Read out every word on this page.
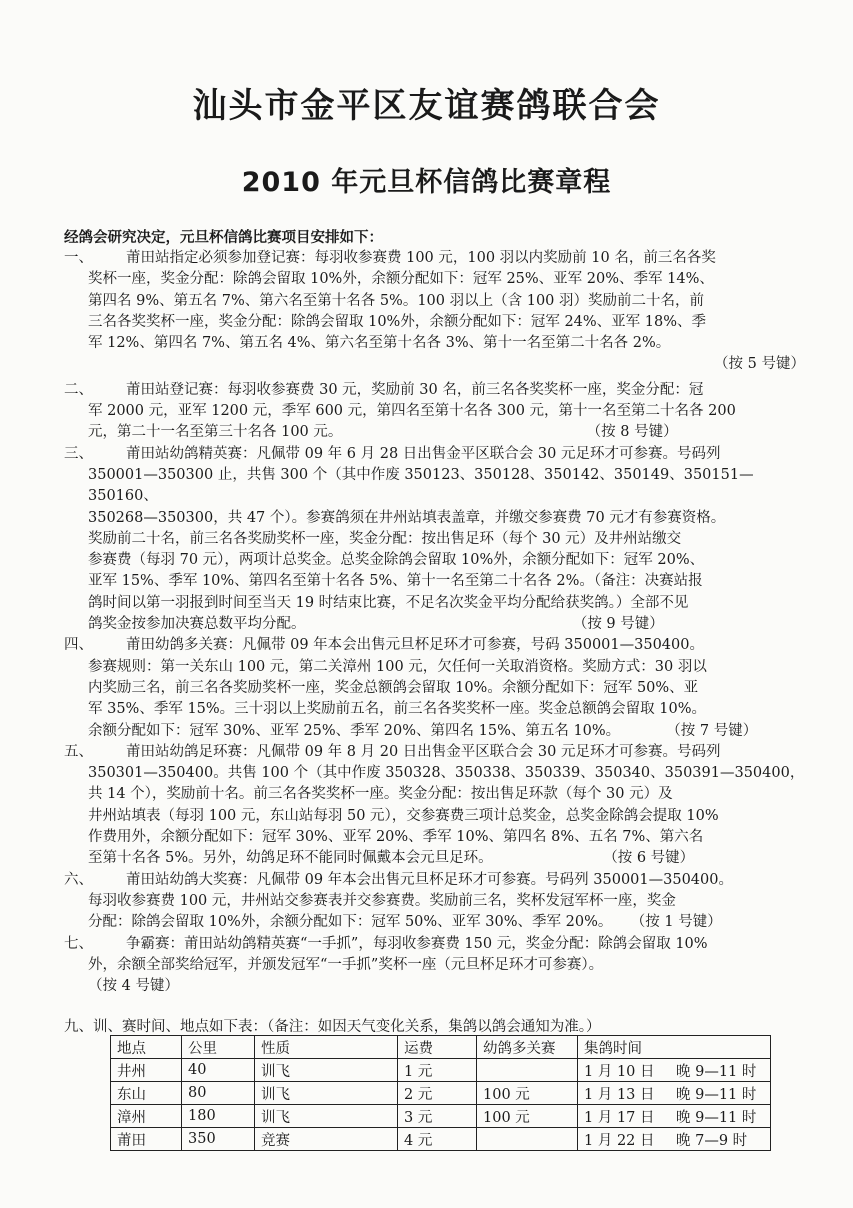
汕头市金平区友谊赛鸽联合会
2010 年元旦杯信鸽比赛章程
经鸽会研究决定，元旦杯信鸽比赛项目安排如下：
一、	莆田站指定必须参加登记赛：每羽收参赛费 100 元，100 羽以内奖励前 10 名，前三名各奖
奖杯一座，奖金分配：除鸽会留取 10%外，余额分配如下：冠军 25%、亚军 20%、季军 14%、
第四名 9%、第五名 7%、第六名至第十名各 5%。100 羽以上（含 100 羽）奖励前二十名，前
三名各奖奖杯一座，奖金分配：除鸽会留取 10%外，余额分配如下：冠军 24%、亚军 18%、季
军 12%、第四名 7%、第五名 4%、第六名至第十名各 3%、第十一名至第二十名各 2%。
（按 5 号键）
二、	莆田站登记赛：每羽收参赛费 30 元，奖励前 30 名，前三名各奖奖杯一座，奖金分配：冠
军 2000 元，亚军 1200 元，季军 600 元，第四名至第十名各 300 元，第十一名至第二十名各 200
元，第二十一名至第三十名各 100 元。                                                     （按 8 号键）
三、	莆田站幼鸽精英赛：凡佩带 09 年 6 月 28 日出售金平区联合会 30 元足环才可参赛。号码列
350001—350300 止，共售 300 个（其中作废 350123、350128、350142、350149、350151—350160、
350268—350300，共 47 个）。参赛鸽须在井州站填表盖章，并缴交参赛费 70 元才有参赛资格。
奖励前二十名，前三名各奖励奖杯一座，奖金分配：按出售足环（每个 30 元）及井州站缴交
参赛费（每羽 70 元），两项计总奖金。总奖金除鸽会留取 10%外，余额分配如下：冠军 20%、
亚军 15%、季军 10%、第四名至第十名各 5%、第十一名至第二十名各 2%。（备注：决赛站报
鸽时间以第一羽报到时间至当天 19 时结束比赛，不足名次奖金平均分配给获奖鸽。）全部不见
鸽奖金按参加决赛总数平均分配。                                                          （按 9 号键）
四、	莆田幼鸽多关赛：凡佩带 09 年本会出售元旦杯足环才可参赛，号码 350001—350400。
参赛规则：第一关东山 100 元，第二关漳州 100 元，欠任何一关取消资格。奖励方式：30 羽以
内奖励三名，前三名各奖励奖杯一座，奖金总额鸽会留取 10%。余额分配如下：冠军 50%、亚
军 35%、季军 15%。三十羽以上奖励前五名，前三名各奖奖杯一座。奖金总额鸽会留取 10%。
余额分配如下：冠军 30%、亚军 25%、季军 20%、第四名 15%、第五名 10%。          （按 7 号键）
五、	莆田站幼鸽足环赛：凡佩带 09 年 8 月 20 日出售金平区联合会 30 元足环才可参赛。号码列
350301—350400。共售 100 个（其中作废 350328、350338、350339、350340、350391—350400，
共 14 个），奖励前十名。前三名各奖奖杯一座。奖金分配：按出售足环款（每个 30 元）及
井州站填表（每羽 100 元，东山站每羽 50 元），交参赛费三项计总奖金，总奖金除鸽会提取 10%
作费用外，余额分配如下：冠军 30%、亚军 20%、季军 10%、第四名 8%、五名 7%、第六名
至第十名各 5%。另外，幼鸽足环不能同时佩戴本会元旦足环。                        （按 6 号键）
六、	莆田站幼鸽大奖赛：凡佩带 09 年本会出售元旦杯足环才可参赛。号码列 350001—350400。
每羽收参赛费 100 元，井州站交参赛表并交参赛费。奖励前三名，奖杯发冠军杯一座，奖金
分配：除鸽会留取 10%外，余额分配如下：冠军 50%、亚军 30%、季军 20%。    （按 1 号键）
七、	争霸赛：莆田站幼鸽精英赛“一手抓”，每羽收参赛费 150 元，奖金分配：除鸽会留取 10%
外，余额全部奖给冠军，并颁发冠军“一手抓”奖杯一座（元旦杯足环才可参赛）。
（按 4 号键）
九、训、赛时间、地点如下表：（备注：如因天气变化关系，集鸽以鸽会通知为准。）
地点	公里	性质	运费	幼鸽多关赛	集鸽时间
井州	40	训飞	1 元		1 月 10 日 晚 9—11 时
东山	80	训飞	2 元	100 元	1 月 13 日 晚 9—11 时
漳州	180	训飞	3 元	100 元	1 月 17 日 晚 9—11 时
莆田	350	竞赛	4 元		1 月 22 日 晚 7—9 时
